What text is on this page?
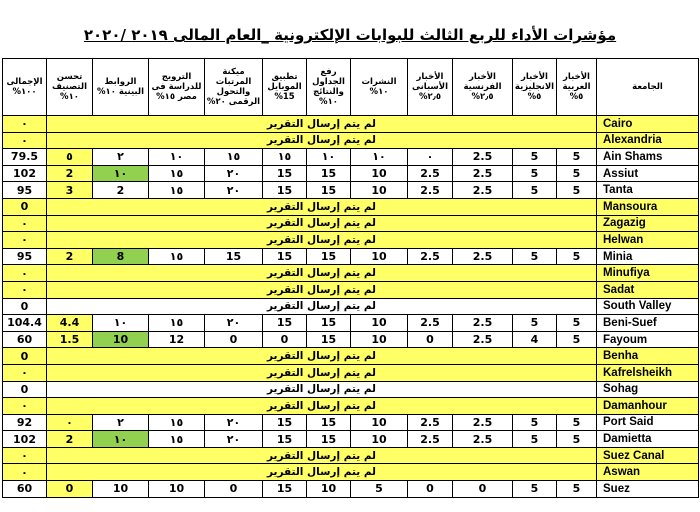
مؤشرات الأداء للربع الثالث للبوابات الإلكترونية _العام المالى ٢٠١٩ /٢٠٢٠
الجامعة	الأخبار العربية ٥%	الأخبار الانجليزية ٥%	الأخبار الفرنسية ٢٫٥%	الأخبار الأسبانى ٢٫٥%	النشرات ١٠%	رفع الجداول والنتائج ١٠%	تطبيق الموبايل 15%	ميكنة المرتبات والتحول الرقمى ٢٠%	الترويج للدراسة فى مصر ١٥%	الروابط البينية ١٠%	تحسن التصنيف ١٠%	الإجمالى ١٠٠%
Cairo	لم يتم إرسال التقرير											٠
Alexandria	لم يتم إرسال التقرير											٠
Ain Shams	5	5	2.5	٠	١٠	١٠	١٥	١٥	١٠	٢	٥	79.5
Assiut	5	5	2.5	2.5	10	15	15	٢٠	١٥	١٠	2	102
Tanta	5	5	2.5	2.5	10	15	15	٢٠	١٥	2	3	95
Mansoura	لم يتم إرسال التقرير											0
Zagazig	لم يتم إرسال التقرير											٠
Helwan	لم يتم إرسال التقرير											٠
Minia	5	5	2.5	2.5	10	15	15	15	١٥	8	2	95
Minufiya	لم يتم إرسال التقرير											٠
Sadat	لم يتم إرسال التقرير											٠
South Valley	لم يتم إرسال التقرير											0
Beni-Suef	5	5	2.5	2.5	10	15	15	٢٠	١٥	١٠	4.4	104.4
Fayoum	5	4	2.5	0	10	15	0	0	12	10	1.5	60
Benha	لم يتم إرسال التقرير											0
Kafrelsheikh	لم يتم إرسال التقرير											٠
Sohag	لم يتم إرسال التقرير											0
Damanhour	لم يتم إرسال التقرير											٠
Port Said	5	5	2.5	2.5	10	15	15	٢٠	١٥	٢	٠	92
Damietta	5	5	2.5	2.5	10	15	15	٢٠	١٥	١٠	2	102
Suez Canal	لم يتم إرسال التقرير											٠
Aswan	لم يتم إرسال التقرير											٠
Suez	5	5	0	0	5	10	15	0	10	10	0	60
